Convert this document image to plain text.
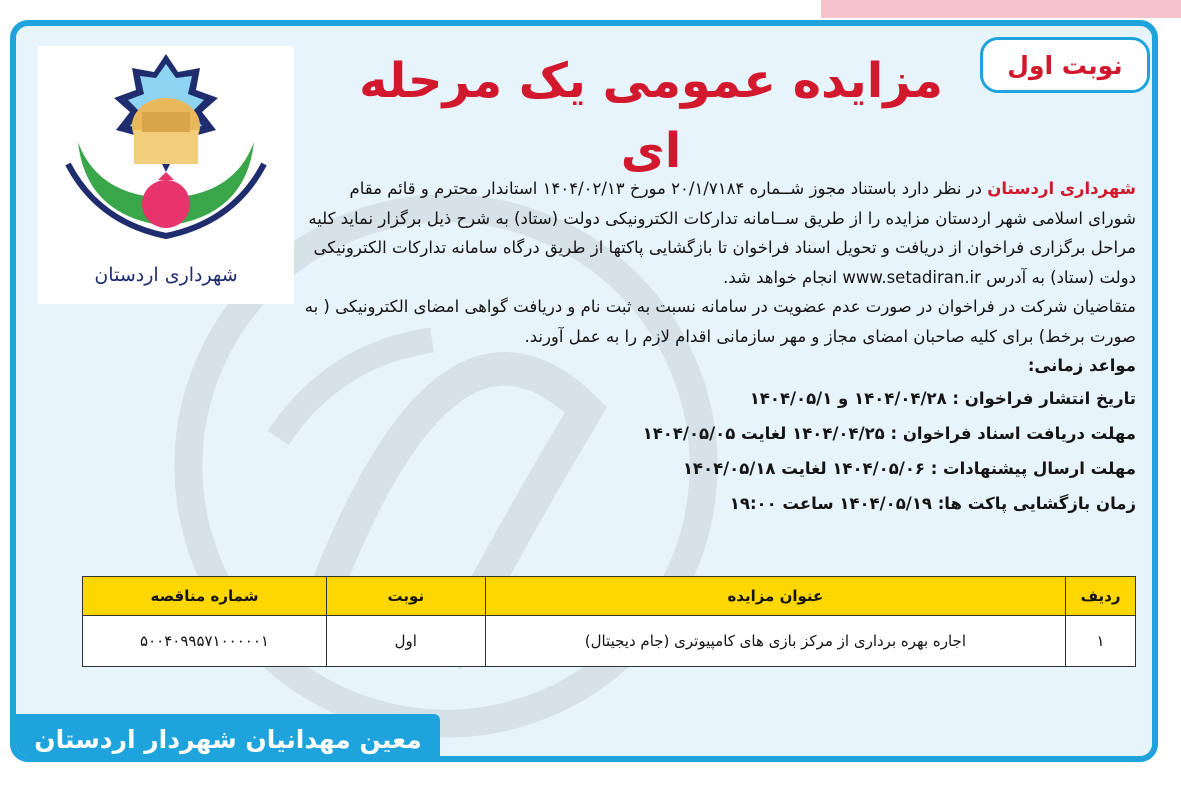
نوبت اول
مزایده عمومی یک مرحله ای
شهرداری اردستان

شهرداری اردستان در نظر دارد باستناد مجوز شــماره ۲۰/۱/۷۱۸۴ مورخ ۱۴۰۴/۰۲/۱۳ استاندار محترم و قائم مقام شورای اسلامی شهر اردستان مزایده را از طریق ســامانه تدارکات الکترونیکی دولت (ستاد) به شرح ذیل برگزار نماید کلیه مراحل برگزاری فراخوان از دریافت و تحویل اسناد فراخوان تا بازگشایی پاکتها از طریق درگاه سامانه تدارکات الکترونیکی دولت (ستاد) به آدرس www.setadiran.ir انجام خواهد شد.

متقاضیان شرکت در فراخوان در صورت عدم عضویت در سامانه نسبت به ثبت نام و دریافت گواهی امضای الکترونیکی ( به صورت برخط) برای کلیه صاحبان امضای مجاز و مهر سازمانی اقدام لازم را به عمل آورند.

مواعد زمانی:

تاریخ انتشار فراخوان : ۱۴۰۴/۰۴/۲۸ و ۱۴۰۴/۰۵/۱

مهلت دریافت اسناد فراخوان : ۱۴۰۴/۰۴/۲۵ لغایت ۱۴۰۴/۰۵/۰۵

مهلت ارسال پیشنهادات : ۱۴۰۴/۰۵/۰۶ لغایت ۱۴۰۴/۰۵/۱۸

زمان بازگشایی پاکت ها: ۱۴۰۴/۰۵/۱۹ ساعت ۱۹:۰۰

ردیف	عنوان مزایده	نوبت	شماره مناقصه
۱	اجاره بهره برداری از مرکز بازی های کامپیوتری (جام دیجیتال)	اول	۵۰۰۴۰۹۹۵۷۱۰۰۰۰۰۱
معین مهدانیان شهردار اردستان
